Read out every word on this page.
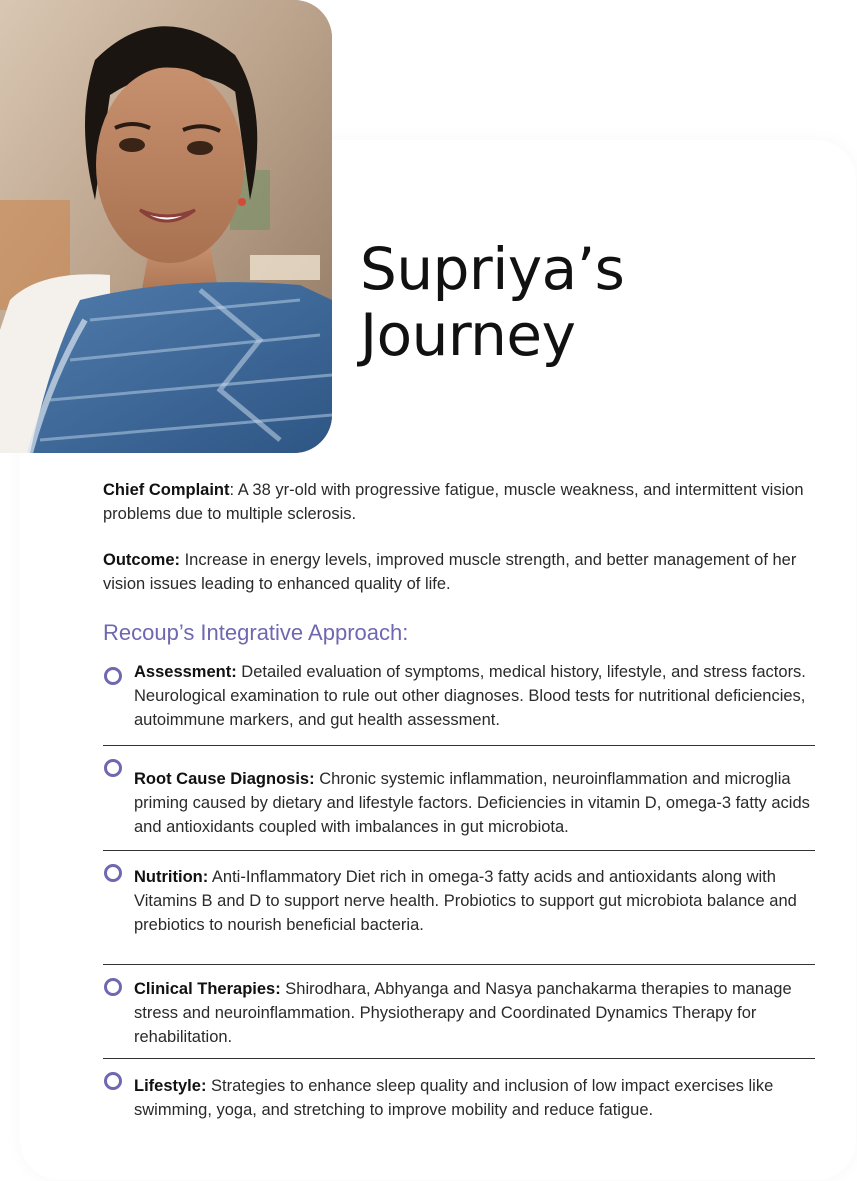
Supriya’s
Journey

Chief Complaint: A 38 yr-old with progressive fatigue, muscle weakness, and intermittent vision problems due to multiple sclerosis.

Outcome: Increase in energy levels, improved muscle strength, and better management of her vision issues leading to enhanced quality of life.

Recoup’s Integrative Approach:
Assessment: Detailed evaluation of symptoms, medical history, lifestyle, and stress factors. Neurological examination to rule out other diagnoses. Blood tests for nutritional deficiencies, autoimmune markers, and gut health assessment.
Root Cause Diagnosis: Chronic systemic inflammation, neuroinflammation and microglia priming caused by dietary and lifestyle factors. Deficiencies in vitamin D, omega-3 fatty acids and antioxidants coupled with imbalances in gut microbiota.
Nutrition: Anti-Inflammatory Diet rich in omega-3 fatty acids and antioxidants along with Vitamins B and D to support nerve health. Probiotics to support gut microbiota balance and prebiotics to nourish beneficial bacteria.
Clinical Therapies: Shirodhara, Abhyanga and Nasya panchakarma therapies to manage stress and neuroinflammation. Physiotherapy and Coordinated Dynamics Therapy for rehabilitation.
Lifestyle: Strategies to enhance sleep quality and inclusion of low impact exercises like swimming, yoga, and stretching to improve mobility and reduce fatigue.
